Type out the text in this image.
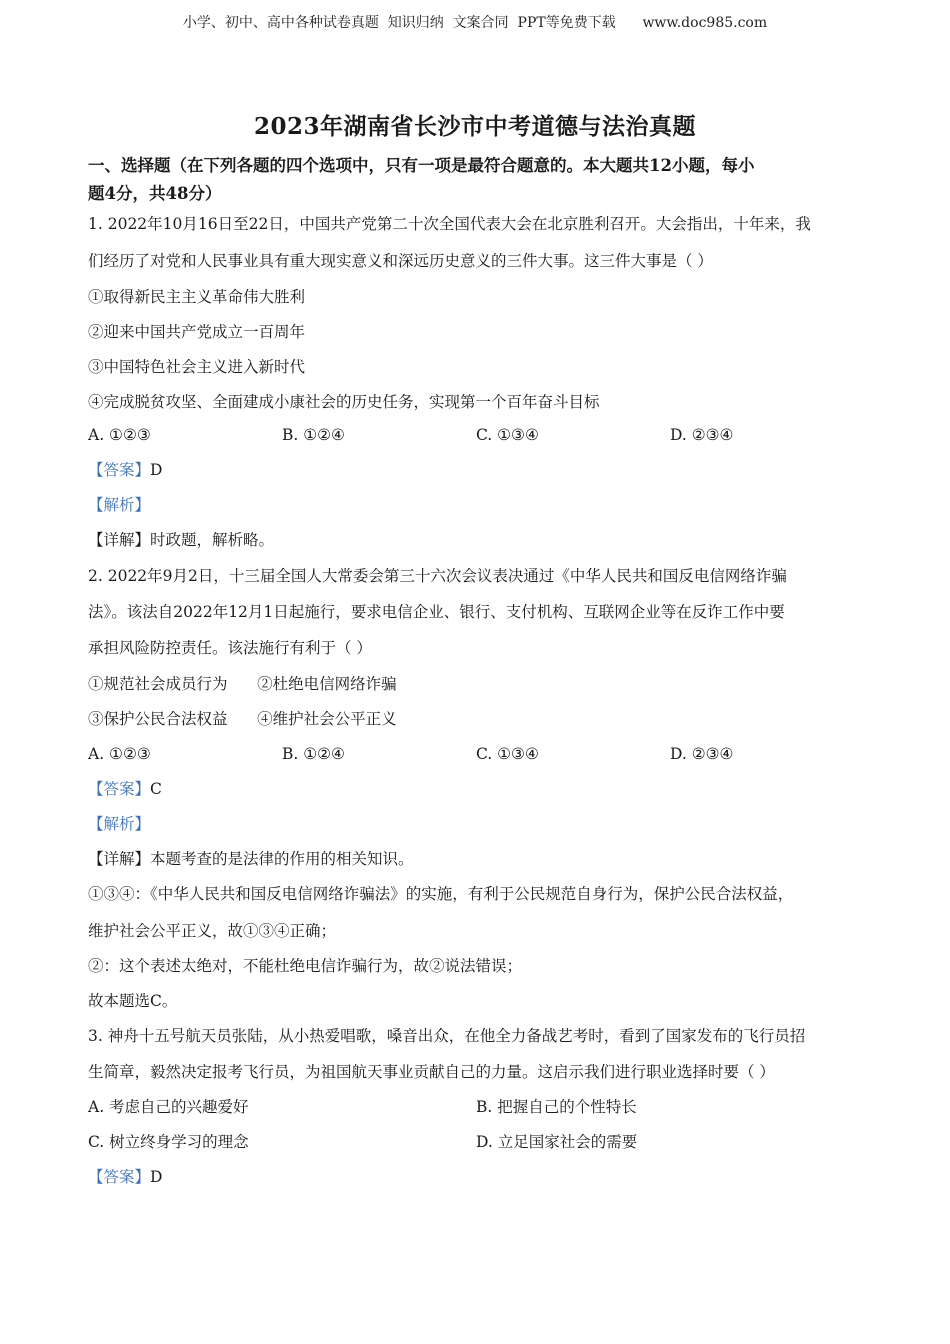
小学、初中、高中各种试卷真题  知识归纳  文案合同  PPT等免费下载      www.doc985.com
2023年湖南省长沙市中考道德与法治真题
一、选择题（在下列各题的四个选项中，只有一项是最符合题意的。本大题共12小题，每小
题4分，共48分）
1. 2022年10月16日至22日，中国共产党第二十次全国代表大会在北京胜利召开。大会指出，十年来，我
们经历了对党和人民事业具有重大现实意义和深远历史意义的三件大事。这三件大事是（ ）
①取得新民主主义革命伟大胜利
②迎来中国共产党成立一百周年
③中国特色社会主义进入新时代
④完成脱贫攻坚、全面建成小康社会的历史任务，实现第一个百年奋斗目标
A. ①②③	B. ①②④	C. ①③④	D. ②③④
【答案】D
【解析】
【详解】时政题，解析略。
2. 2022年9月2日，十三届全国人大常委会第三十六次会议表决通过《中华人民共和国反电信网络诈骗
法》。该法自2022年12月1日起施行，要求电信企业、银行、支付机构、互联网企业等在反诈工作中要
承担风险防控责任。该法施行有利于（ ）
①规范社会成员行为      ②杜绝电信网络诈骗
③保护公民合法权益      ④维护社会公平正义
A. ①②③	B. ①②④	C. ①③④	D. ②③④
【答案】C
【解析】
【详解】本题考查的是法律的作用的相关知识。
①③④：《中华人民共和国反电信网络诈骗法》的实施，有利于公民规范自身行为，保护公民合法权益，
维护社会公平正义，故①③④正确；
②：这个表述太绝对，不能杜绝电信诈骗行为，故②说法错误；
故本题选C。
3. 神舟十五号航天员张陆，从小热爱唱歌，嗓音出众，在他全力备战艺考时，看到了国家发布的飞行员招
生简章，毅然决定报考飞行员，为祖国航天事业贡献自己的力量。这启示我们进行职业选择时要（ ）
A. 考虑自己的兴趣爱好	B. 把握自己的个性特长
C. 树立终身学习的理念	D. 立足国家社会的需要
【答案】D
